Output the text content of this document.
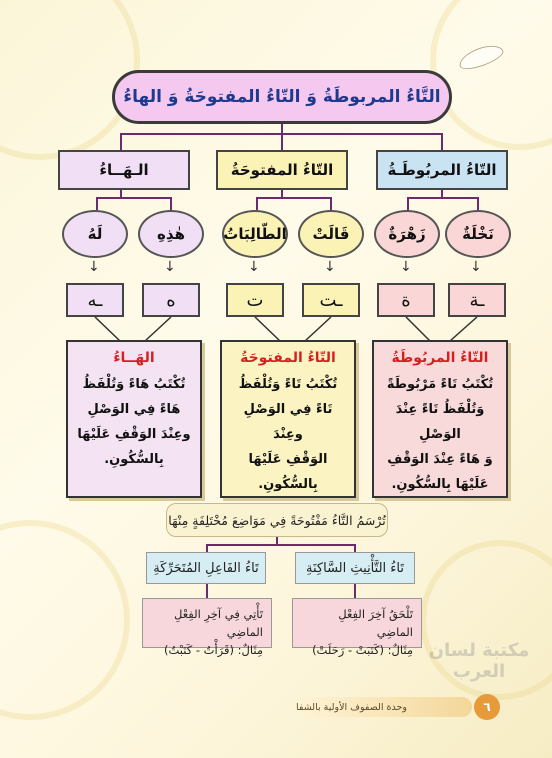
التَّاءُ المربوطَةُ وَ التّاءُ المفتوحَةُ وَ الهاءُ
التّاءُ المربُوطَـةُ
التّاءُ المفتوحَةُ
الـهَــاءُ
نَخْلَةٌ
زَهْرَةٌ
قَالَتْ
الطّالِبَاتُ
هٰذِهِ
لَهُ
↓
↓
↓
↓
↓
↓
ـة
ة
ـت
ت
ه
ـه
التّاءُ المربُوطَةُ
تُكْتَبُ تَاءً مَرْبُوطَةً
وَتُلْفَظُ تَاءً عِنْدَ الوَصْلِ
وَ هَاءً عِنْدَ الوَقْفِ
عَلَيْهَا بِالسُّكُونِ.
التّاءُ المفتوحَةُ
تُكْتَبُ تَاءً وَتُلْفَظُ
تَاءً فِي الوَصْلِ وعِنْدَ
الوَقْفِ عَلَيْهَا بِالسُّكُونِ.
الهَــاءُ
تُكْتَبُ هَاءً وَتُلْفَظُ
هَاءً فِي الوَصْلِ
وعِنْدَ الوَقْفِ عَلَيْهَا
بِالسُّكُونِ.
تُرْسَمُ التَّاءُ مَفْتُوحَةً فِي مَوَاضِعَ مُخْتَلِفَةٍ مِنْهَا
تَاءُ التَّأْنِيثِ السَّاكِنَةِ
تَاءُ الفَاعِلِ المُتَحَرِّكَةِ
تَلْحَقُ آخِرَ الفِعْلِ الماضِي
مِثَالٌ: (كَتَبَتْ - رَحَلَتْ)
تَأْتِي فِي آخِرِ الفِعْلِ الماضِي
مِثَالٌ: (قَرَأْتُ - كَتَبْتُ)	مكتبة لسان العرب
وحدة الصفوف الأولية بالشفا	٦
